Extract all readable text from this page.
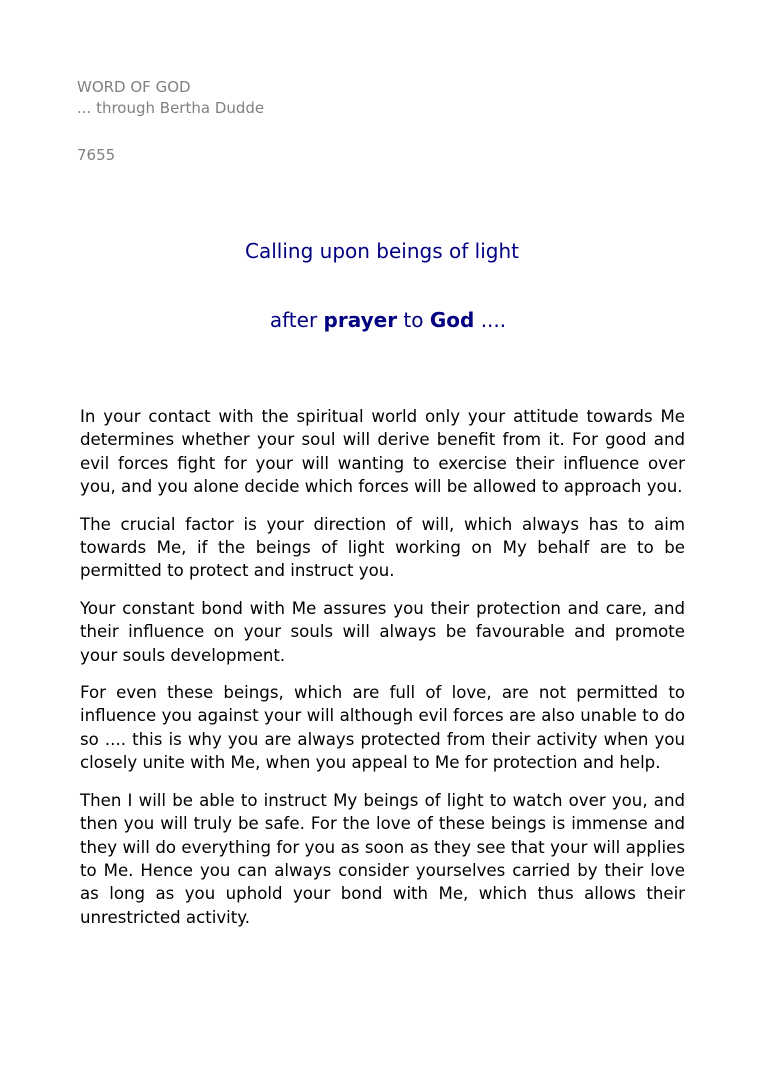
WORD OF GOD
... through Bertha Dudde
7655
Calling upon beings of light
after prayer to God ....

In your contact with the spiritual world only your attitude towards Me determines whether your soul will derive benefit from it. For good and evil forces fight for your will wanting to exercise their influence over you, and you alone decide which forces will be allowed to approach you.

The crucial factor is your direction of will, which always has to aim towards Me, if the beings of light working on My behalf are to be permitted to protect and instruct you.

Your constant bond with Me assures you their protection and care, and their influence on your souls will always be favourable and promote your souls development.

For even these beings, which are full of love, are not permitted to influence you against your will although evil forces are also unable to do so .... this is why you are always protected from their activity when you closely unite with Me, when you appeal to Me for protection and help.

Then I will be able to instruct My beings of light to watch over you, and then you will truly be safe. For the love of these beings is immense and they will do everything for you as soon as they see that your will applies to Me. Hence you can always consider yourselves carried by their love as long as you uphold your bond with Me, which thus allows their unrestricted activity.
